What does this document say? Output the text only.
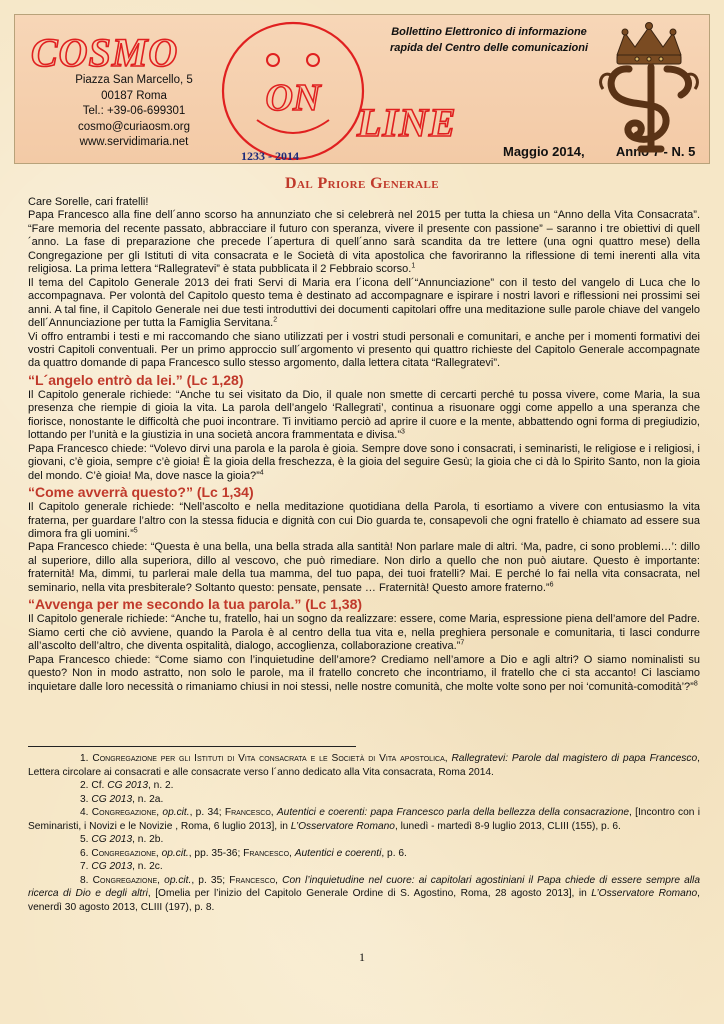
COSMO
ON
LINE
Piazza San Marcello, 5
00187 Roma
Tel.: +39-06-699301
cosmo@curiaosm.org
www.servidimaria.net
1233 - 2014
Bollettino Elettronico di informazione
rapida del Centro delle comunicazioni
Maggio 2014, Anno 7 - N. 5
Dal Priore Generale

Care Sorelle, cari fratelli!

Papa Francesco alla fine dell´anno scorso ha annunziato che si celebrerà nel 2015 per tutta la chiesa un “Anno della Vita Consacrata”. “Fare memoria del recente passato, abbracciare il futuro con speranza, vivere il presente con passione” – saranno i tre obiettivi di quell´anno. La fase di preparazione che precede l´apertura di quell´anno sarà scandita da tre lettere (una ogni quattro mese) della Congregazione per gli Istituti di vita consacrata e le Società di vita apostolica che favoriranno la riflessione di temi inerenti alla vita religiosa. La prima lettera “Rallegratevi” è stata pubblicata il 2 Febbraio scorso.$^1$

Il tema del Capitolo Generale 2013 dei frati Servi di Maria era l´icona dell´“Annunciazione” con il testo del vangelo di Luca che lo accompagnava. Per volontà del Capitolo questo tema è destinato ad accompagnare e ispirare i nostri lavori e riflessioni nei prossimi sei anni. A tal fine, il Capitolo Generale nei due testi introduttivi dei documenti capitolari offre una meditazione sulle parole chiave del vangelo dell´Annunciazione per tutta la Famiglia Servitana.$^2$

Vi offro entrambi i testi e mi raccomando che siano utilizzati per i vostri studi personali e comunitari, e anche per i momenti formativi dei vostri Capitoli conventuali. Per un primo approccio sull´argomento vi presento qui quattro richieste del Capitolo Generale accompagnate da quattro domande di papa Francesco sullo stesso argomento, dalla lettera citata “Rallegratevi”.

“L´angelo entrò da lei.” (Lc 1,28)

Il Capitolo generale richiede: “Anche tu sei visitato da Dio, il quale non smette di cercarti perché tu possa vivere, come Maria, la sua presenza che riempie di gioia la vita. La parola dell’angelo ‘Rallegrati’, continua a risuonare oggi come appello a una speranza che fiorisce, nonostante le difficoltà che puoi incontrare. Ti invitiamo perciò ad aprire il cuore e la mente, abbattendo ogni forma di pregiudizio, lottando per l’unità e la giustizia in una società ancora frammentata e divisa.”$^3$

Papa Francesco chiede: “Volevo dirvi una parola e la parola è gioia. Sempre dove sono i consacrati, i seminaristi, le religiose e i religiosi, i giovani, c’è gioia, sempre c’è gioia! È la gioia della freschezza, è la gioia del seguire Gesù; la gioia che ci dà lo Spirito Santo, non la gioia del mondo. C’è gioia! Ma, dove nasce la gioia?”$^4$

“Come avverrà questo?” (Lc 1,34)

Il Capitolo generale richiede: “Nell’ascolto e nella meditazione quotidiana della Parola, ti esortiamo a vivere con entusiasmo la vita fraterna, per guardare l’altro con la stessa fiducia e dignità con cui Dio guarda te, consapevoli che ogni fratello è chiamato ad essere sua dimora fra gli uomini.”$^5$

Papa Francesco chiede: “Questa è una bella, una bella strada alla santità! Non parlare male di altri. ‘Ma, padre, ci sono problemi…’: dillo al superiore, dillo alla superiora, dillo al vescovo, che può rimediare. Non dirlo a quello che non può aiutare. Questo è importante: fraternità! Ma, dimmi, tu parlerai male della tua mamma, del tuo papa, dei tuoi fratelli? Mai. E perché lo fai nella vita consacrata, nel seminario, nella vita presbiterale? Soltanto questo: pensate, pensate … Fraternità! Questo amore fraterno.”$^6$

“Avvenga per me secondo la tua parola.” (Lc 1,38)

Il Capitolo generale richiede: “Anche tu, fratello, hai un sogno da realizzare: essere, come Maria, espressione piena dell’amore del Padre. Siamo certi che ciò avviene, quando la Parola è al centro della tua vita e, nella preghiera personale e comunitaria, ti lasci condurre all’ascolto dell’altro, che diventa ospitalità, dialogo, accoglienza, collaborazione creativa.”$^7$

Papa Francesco chiede: “Come siamo con l’inquietudine dell’amore? Crediamo nell’amore a Dio e agli altri? O siamo nominalisti su questo? Non in modo astratto, non solo le parole, ma il fratello concreto che incontriamo, il fratello che ci sta accanto! Ci lasciamo inquietare dalle loro necessità o rimaniamo chiusi in noi stessi, nelle nostre comunità, che molte volte sono per noi ‘comunità-comodità’?”$^8$

1. Congregazione per gli Istituti di Vita consacrata e le Società di Vita apostolica, Rallegratevi: Parole dal magistero di papa Francesco, Lettera circolare ai consacrati e alle consacrate verso l´anno dedicato alla Vita consacrata, Roma 2014.

2. Cf. CG 2013, n. 2.

3. CG 2013, n. 2a.

4. Congregazione, op.cit., p. 34; Francesco, Autentici e coerenti: papa Francesco parla della bellezza della consacrazione, [Incontro con i Seminaristi, i Novizi e le Novizie , Roma, 6 luglio 2013], in L’Osservatore Romano, lunedì - martedì 8-9 luglio 2013, CLIII (155), p. 6.

5. CG 2013, n. 2b.

6. Congregazione, op.cit., pp. 35-36; Francesco, Autentici e coerenti, p. 6.

7. CG 2013, n. 2c.

8. Congregazione, op.cit., p. 35; Francesco, Con l’inquietudine nel cuore: ai capitolari agostiniani il Papa chiede di essere sempre alla ricerca di Dio e degli altri, [Omelia per l’inizio del Capitolo Generale Ordine di S. Agostino, Roma, 28 agosto 2013], in L’Osservatore Romano, venerdì 30 agosto 2013, CLIII (197), p. 8.

1
